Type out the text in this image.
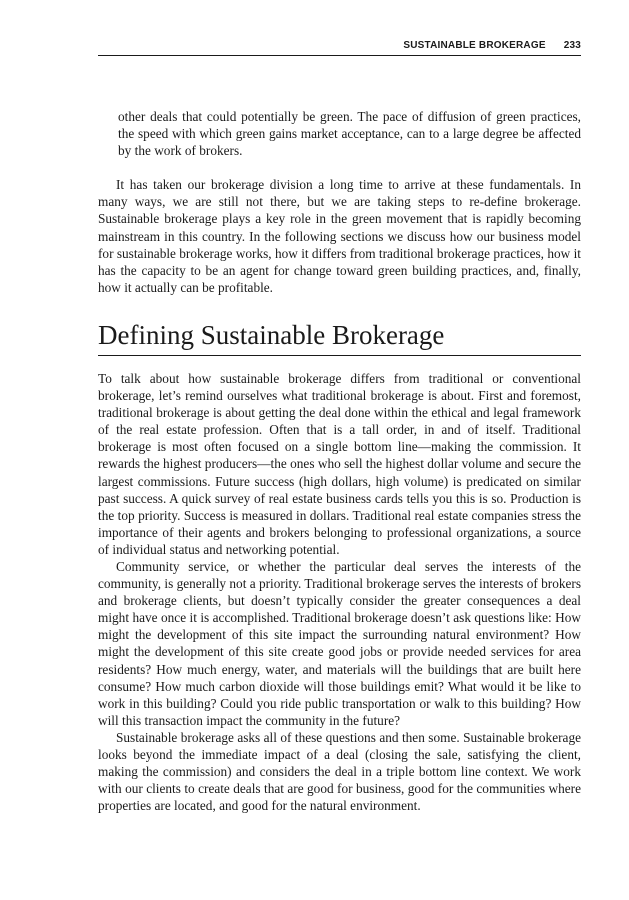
SUSTAINABLE BROKERAGE 233

other deals that could potentially be green. The pace of diffusion of green practices, the speed with which green gains market acceptance, can to a large degree be affected by the work of brokers.

It has taken our brokerage division a long time to arrive at these fundamentals. In many ways, we are still not there, but we are taking steps to re-define brokerage. Sustainable brokerage plays a key role in the green movement that is rapidly becoming mainstream in this country. In the following sections we discuss how our business model for sustainable brokerage works, how it differs from traditional brokerage practices, how it has the capacity to be an agent for change toward green building practices, and, finally, how it actually can be profitable.

Defining Sustainable Brokerage

To talk about how sustainable brokerage differs from traditional or conventional brokerage, let’s remind ourselves what traditional brokerage is about. First and foremost, traditional brokerage is about getting the deal done within the ethical and legal framework of the real estate profession. Often that is a tall order, in and of itself. Traditional brokerage is most often focused on a single bottom line—making the commission. It rewards the highest producers—the ones who sell the highest dollar volume and secure the largest commissions. Future success (high dollars, high volume) is predicated on similar past success. A quick survey of real estate business cards tells you this is so. Production is the top priority. Success is measured in dollars. Traditional real estate companies stress the importance of their agents and brokers belonging to professional organizations, a source of individual status and networking potential.

Community service, or whether the particular deal serves the interests of the community, is generally not a priority. Traditional brokerage serves the interests of brokers and brokerage clients, but doesn’t typically consider the greater consequences a deal might have once it is accomplished. Traditional brokerage doesn’t ask questions like: How might the development of this site impact the surrounding natural environment? How might the development of this site create good jobs or provide needed services for area residents? How much energy, water, and materials will the buildings that are built here consume? How much carbon dioxide will those buildings emit? What would it be like to work in this building? Could you ride public transportation or walk to this building? How will this transaction impact the community in the future?

Sustainable brokerage asks all of these questions and then some. Sustainable brokerage looks beyond the immediate impact of a deal (closing the sale, satisfying the client, making the commission) and considers the deal in a triple bottom line context. We work with our clients to create deals that are good for business, good for the communities where properties are located, and good for the natural environment.
